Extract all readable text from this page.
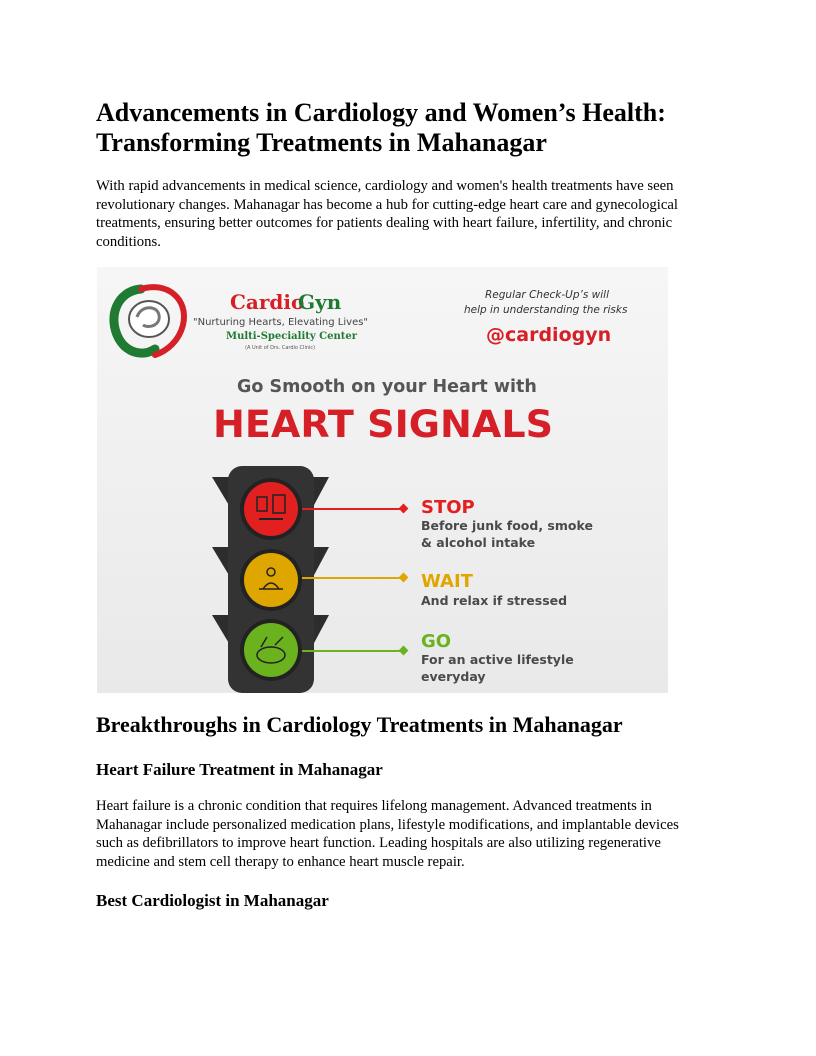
Advancements in Cardiology and Women’s Health: Transforming Treatments in Mahanagar

With rapid advancements in medical science, cardiology and women's health treatments have seen revolutionary changes. Mahanagar has become a hub for cutting-edge heart care and gynecological treatments, ensuring better outcomes for patients dealing with heart failure, infertility, and chronic conditions.

Cardio
Gyn
"Nurturing Hearts, Elevating Lives"
Multi-Speciality Center
(A Unit of Drs. Cardio Clinic)
Regular Check-Up’s will
help in understanding the risks
@cardiogyn
Go Smooth on your Heart with
HEART SIGNALS
STOP
Before junk food, smoke
& alcohol intake
WAIT
And relax if stressed
GO
For an active lifestyle
everyday
Breakthroughs in Cardiology Treatments in Mahanagar
Heart Failure Treatment in Mahanagar

Heart failure is a chronic condition that requires lifelong management. Advanced treatments in Mahanagar include personalized medication plans, lifestyle modifications, and implantable devices such as defibrillators to improve heart function. Leading hospitals are also utilizing regenerative medicine and stem cell therapy to enhance heart muscle repair.

Best Cardiologist in Mahanagar
